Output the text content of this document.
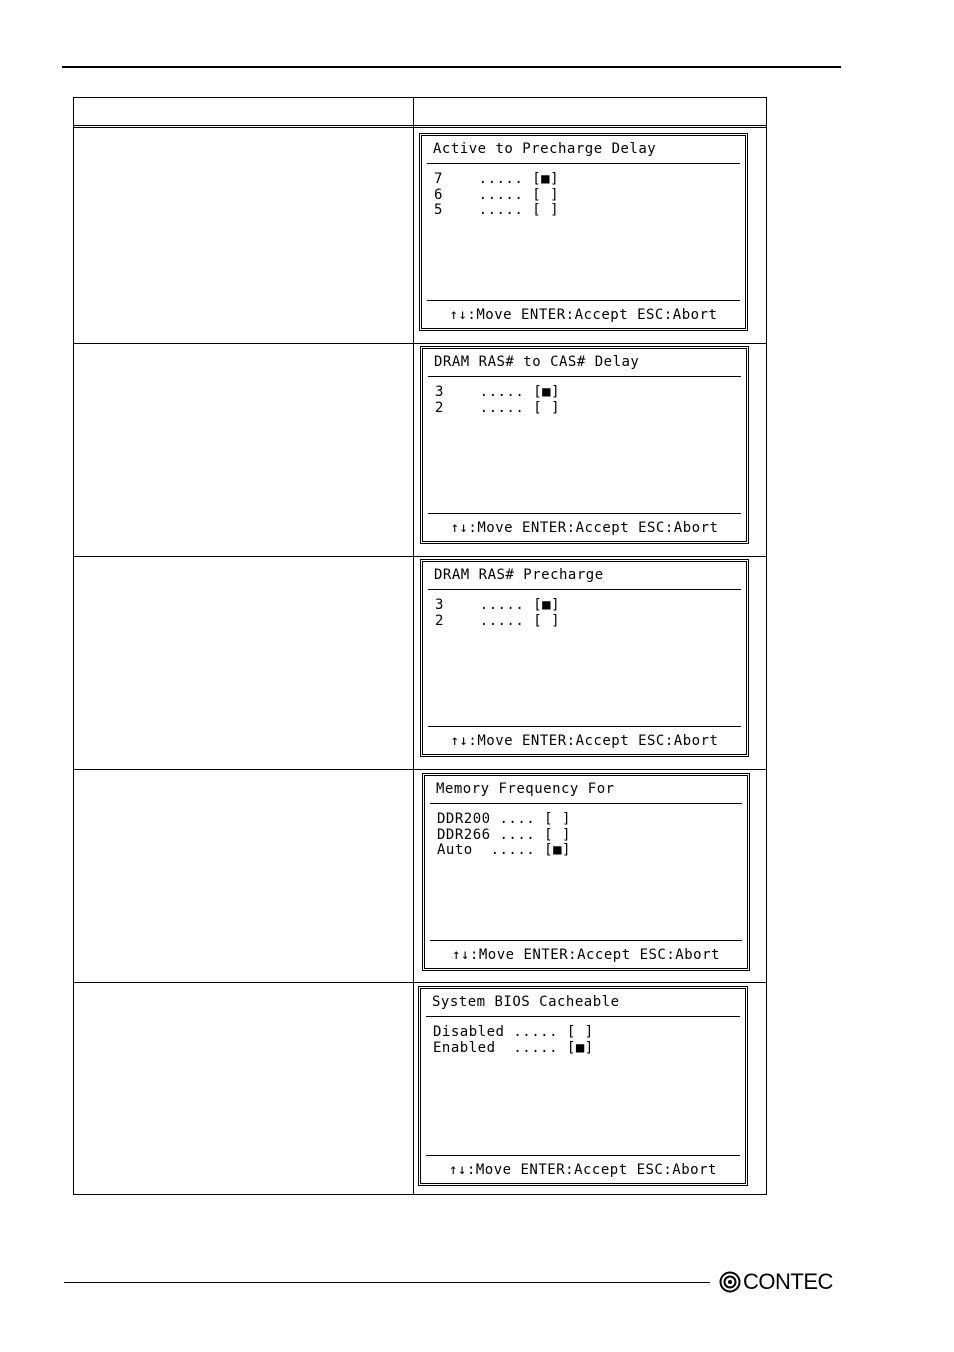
Active to Precharge Delay
7    ..... [■]
6    ..... [ ]
5    ..... [ ]
↑↓:Move ENTER:Accept ESC:Abort
DRAM RAS# to CAS# Delay
3    ..... [■]
2    ..... [ ]
↑↓:Move ENTER:Accept ESC:Abort
DRAM RAS# Precharge
3    ..... [■]
2    ..... [ ]
↑↓:Move ENTER:Accept ESC:Abort
Memory Frequency For
DDR200 .... [ ]
DDR266 .... [ ]
Auto  ..... [■]
↑↓:Move ENTER:Accept ESC:Abort
System BIOS Cacheable
Disabled ..... [ ]
Enabled  ..... [■]
↑↓:Move ENTER:Accept ESC:Abort
CONTEC
